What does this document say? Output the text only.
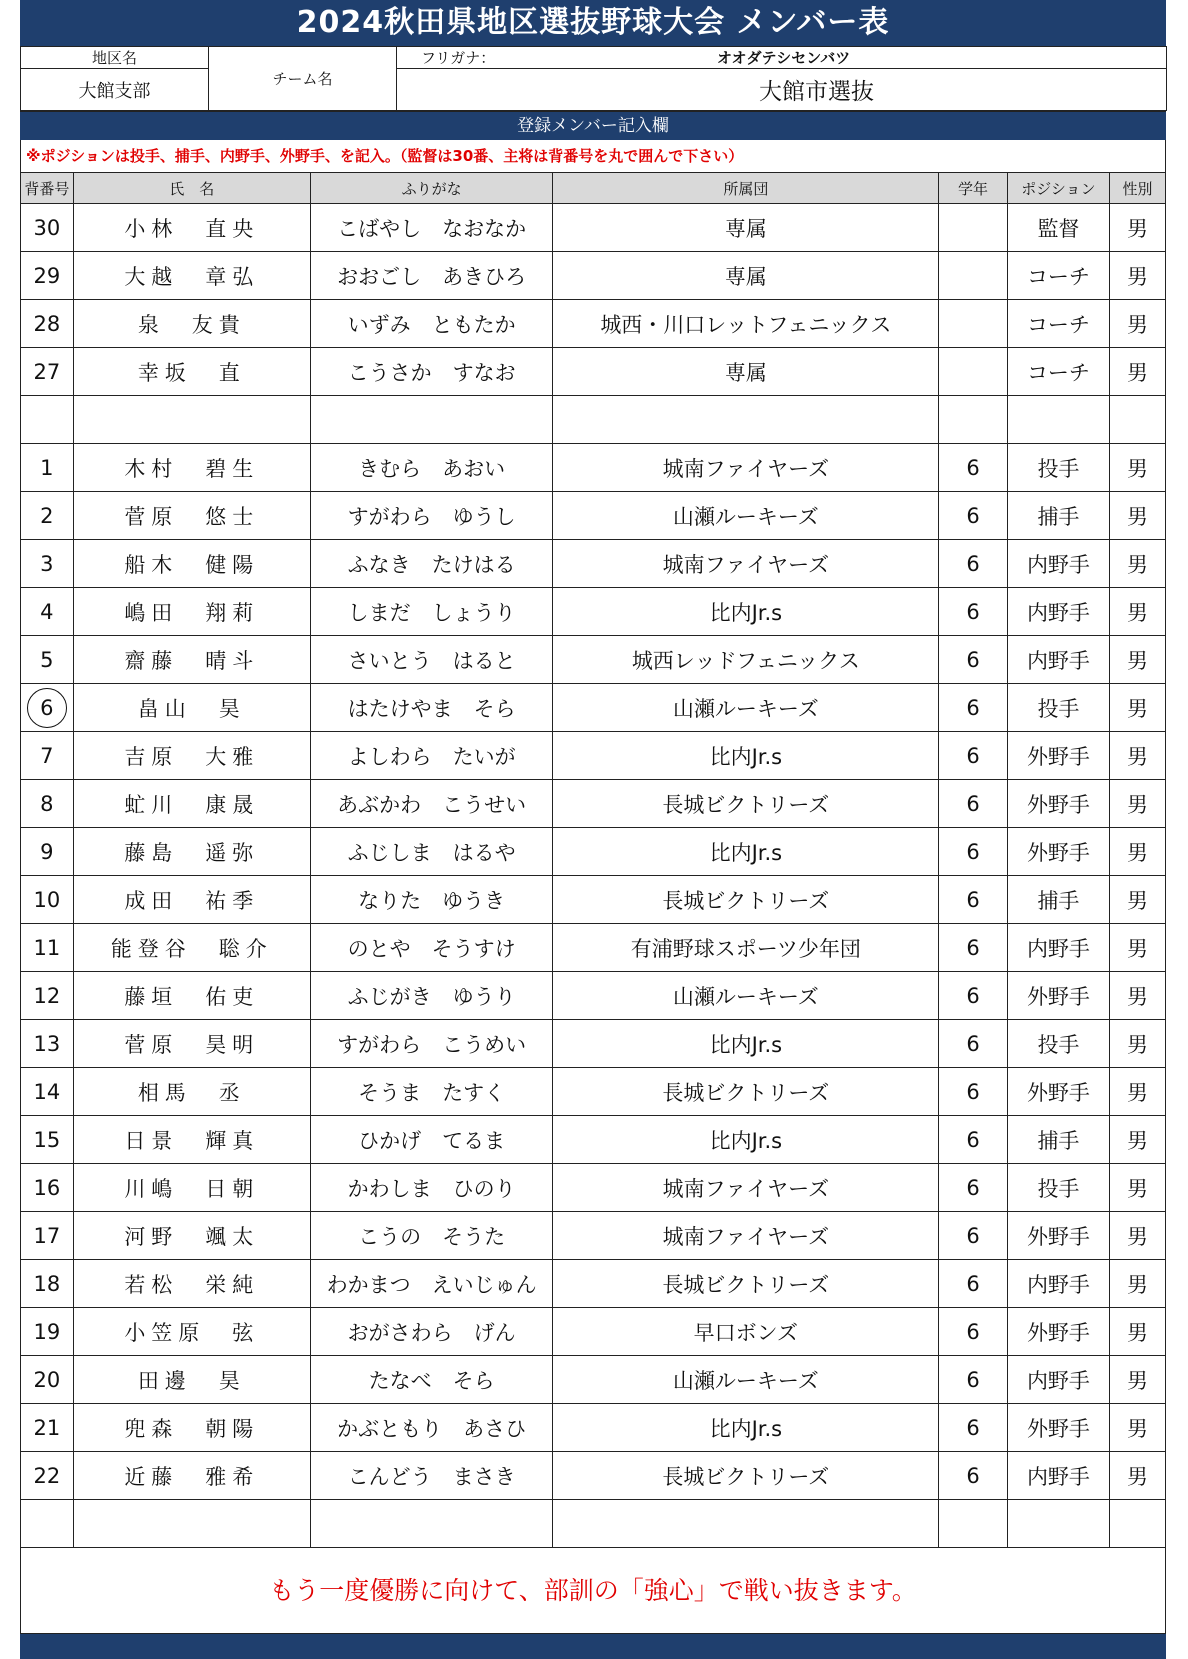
2024秋田県地区選抜野球大会 メンバー表
地区名	チーム名	フリガナ： オオダテシセンバツ

大館支部		大館市選抜
登録メンバー記入欄
※ポジションは投手、捕手、内野手、外野手、を記入。（監督は30番、主将は背番号を丸で囲んで下さい）
背番号	氏　名	ふりがな	所属団	学年	ポジション	性別
30	小林　直央	こばやし　なおなか	専属		監督	男
29	大越　章弘	おおごし　あきひろ	専属		コーチ	男
28	泉　友貴	いずみ　ともたか	城西・川口レットフェニックス		コーチ	男
27	幸坂　直	こうさか　すなお	専属		コーチ	男

1	木村　碧生	きむら　あおい	城南ファイヤーズ	6	投手	男
2	菅原　悠士	すがわら　ゆうし	山瀬ルーキーズ	6	捕手	男
3	船木　健陽	ふなき　たけはる	城南ファイヤーズ	6	内野手	男
4	嶋田　翔莉	しまだ　しょうり	比内Jr.s	6	内野手	男
5	齋藤　晴斗	さいとう　はると	城西レッドフェニックス	6	内野手	男
6	畠山　昊	はたけやま　そら	山瀬ルーキーズ	6	投手	男
7	吉原　大雅	よしわら　たいが	比内Jr.s	6	外野手	男
8	虻川　康晟	あぶかわ　こうせい	長城ビクトリーズ	6	外野手	男
9	藤島　遥弥	ふじしま　はるや	比内Jr.s	6	外野手	男
10	成田　祐季	なりた　ゆうき	長城ビクトリーズ	6	捕手	男
11	能登谷　聡介	のとや　そうすけ	有浦野球スポーツ少年団	6	内野手	男
12	藤垣　佑吏	ふじがき　ゆうり	山瀬ルーキーズ	6	外野手	男
13	菅原　昊明	すがわら　こうめい	比内Jr.s	6	投手	男
14	相馬　丞	そうま　たすく	長城ビクトリーズ	6	外野手	男
15	日景　輝真	ひかげ　てるま	比内Jr.s	6	捕手	男
16	川嶋　日朝	かわしま　ひのり	城南ファイヤーズ	6	投手	男
17	河野　颯太	こうの　そうた	城南ファイヤーズ	6	外野手	男
18	若松　栄純	わかまつ　えいじゅん	長城ビクトリーズ	6	内野手	男
19	小笠原　弦	おがさわら　げん	早口ボンズ	6	外野手	男
20	田邊　昊	たなべ　そら	山瀬ルーキーズ	6	内野手	男
21	兜森　朝陽	かぶともり　あさひ	比内Jr.s	6	外野手	男
22	近藤　雅希	こんどう　まさき	長城ビクトリーズ	6	内野手	男

もう一度優勝に向けて、部訓の「強心」で戦い抜きます。
